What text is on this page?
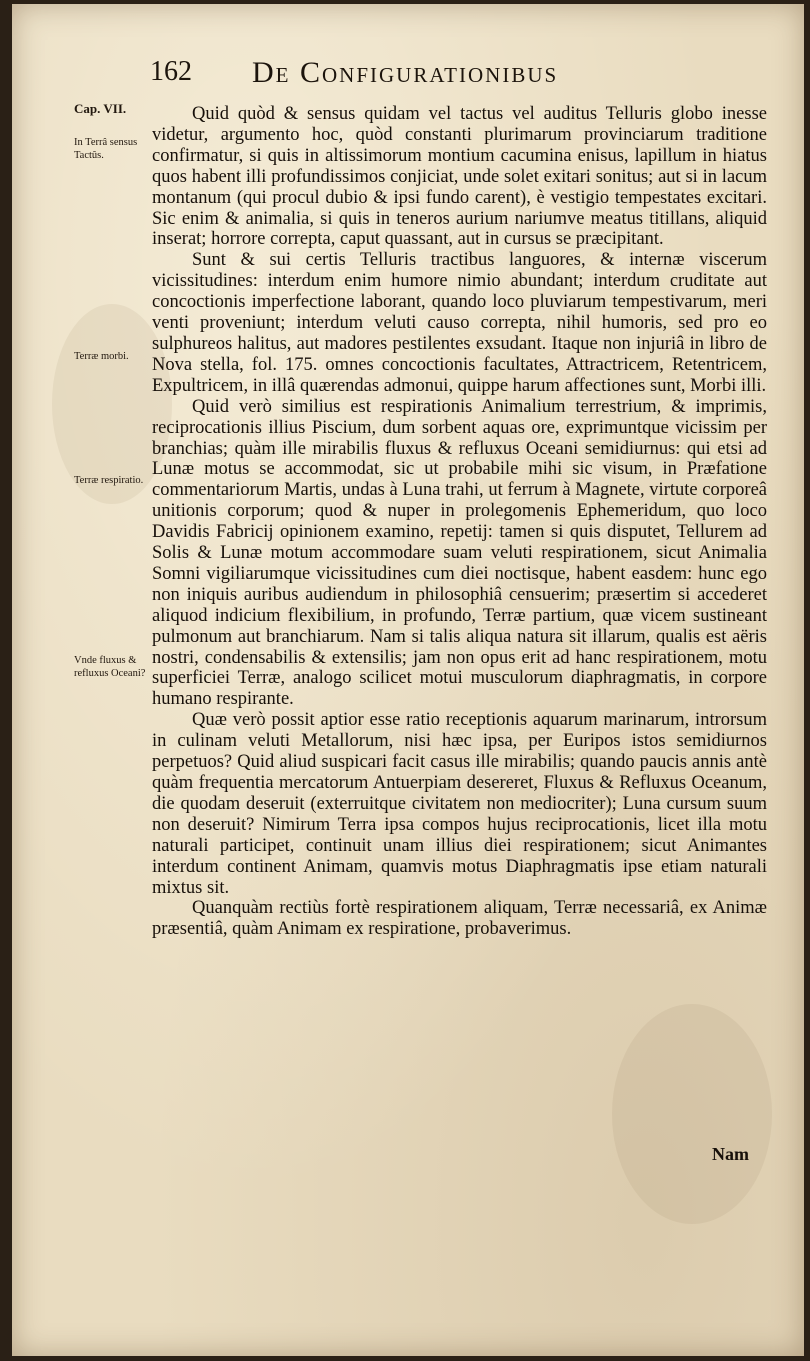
162 De Configurationibus
Cap. VII.
In Terrâ sensus Tactûs.
Terræ morbi.
Terræ respiratio.
Vnde fluxus & refluxus Oceani?

Quid quòd & sensus quidam vel tactus vel auditus Telluris globo inesse videtur, argumento hoc, quòd constanti plurimarum provinciarum traditione confirmatur, si quis in altissimorum montium cacumina enisus, lapillum in hiatus quos habent illi profundissimos conjiciat, unde solet exitari sonitus; aut si in lacum montanum (qui procul dubio & ipsi fundo carent), è vestigio tempestates excitari. Sic enim & animalia, si quis in teneros aurium nariumve meatus titillans, aliquid inserat; horrore correpta, caput quassant, aut in cursus se præcipitant.

Sunt & sui certis Telluris tractibus languores, & internæ viscerum vicissitudines: interdum enim humore nimio abundant; interdum cruditate aut concoctionis imperfectione laborant, quando loco pluviarum tempestivarum, meri venti proveniunt; interdum veluti causo correpta, nihil humoris, sed pro eo sulphureos halitus, aut madores pestilentes exsudant. Itaque non injuriâ in libro de Nova stella, fol. 175. omnes concoctionis facultates, Attractricem, Retentricem, Expultricem, in illâ quærendas admonui, quippe harum affectiones sunt, Morbi illi.

Quid verò similius est respirationis Animalium terrestrium, & imprimis, reciprocationis illius Piscium, dum sorbent aquas ore, exprimuntque vicissim per branchias; quàm ille mirabilis fluxus & refluxus Oceani semidiurnus: qui etsi ad Lunæ motus se accommodat, sic ut probabile mihi sic visum, in Præfatione commentariorum Martis, undas à Luna trahi, ut ferrum à Magnete, virtute corporeâ unitionis corporum; quod & nuper in prolegomenis Ephemeridum, quo loco Davidis Fabricij opinionem examino, repetij: tamen si quis disputet, Tellurem ad Solis & Lunæ motum accommodare suam veluti respirationem, sicut Animalia Somni vigiliarumque vicissitudines cum diei noctisque, habent easdem: hunc ego non iniquis auribus audiendum in philosophiâ censuerim; præsertim si accederet aliquod indicium flexibilium, in profundo, Terræ partium, quæ vicem sustineant pulmonum aut branchiarum. Nam si talis aliqua natura sit illarum, qualis est aëris nostri, condensabilis & extensilis; jam non opus erit ad hanc respirationem, motu superficiei Terræ, analogo scilicet motui musculorum diaphragmatis, in corpore humano respirante.

Quæ verò possit aptior esse ratio receptionis aquarum marinarum, introrsum in culinam veluti Metallorum, nisi hæc ipsa, per Euripos istos semidiurnos perpetuos? Quid aliud suspicari facit casus ille mirabilis; quando paucis annis antè quàm frequentia mercatorum Antuerpiam desereret, Fluxus & Refluxus Oceanum, die quodam deseruit (exterruitque civitatem non mediocriter); Luna cursum suum non deseruit? Nimirum Terra ipsa compos hujus reciprocationis, licet illa motu naturali participet, continuit unam illius diei respirationem; sicut Animantes interdum continent Animam, quamvis motus Diaphragmatis ipse etiam naturali mixtus sit.

Quanquàm rectiùs fortè respirationem aliquam, Terræ necessariâ, ex Animæ præsentiâ, quàm Animam ex respiratione, probaverimus.

Nam
